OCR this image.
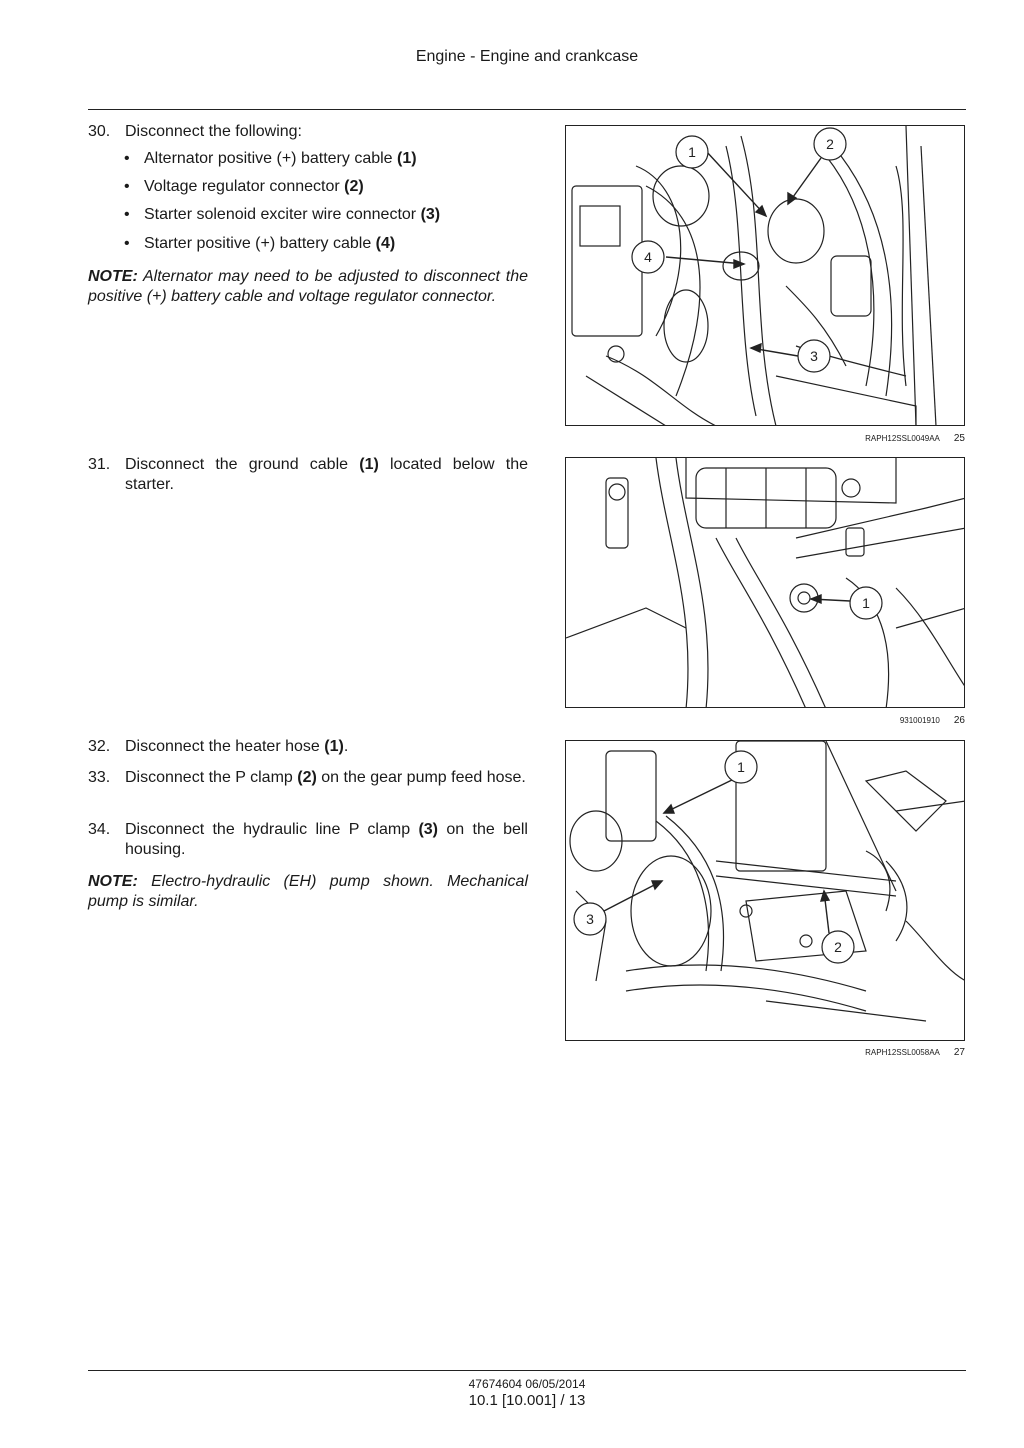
Engine - Engine and crankcase
30. Disconnect the following:
• Alternator positive (+) battery cable (1)
• Voltage regulator connector (2)
• Starter solenoid exciter wire connector (3)
• Starter positive (+) battery cable (4)
NOTE: Alternator may need to be adjusted to disconnect the positive (+) battery cable and voltage regulator connector.
1	2
3
4
RAPH12SSL0049AA 25
31. Disconnect the ground cable (1) located below the starter.
1
931001910 26
32. Disconnect the heater hose (1).
33. Disconnect the P clamp (2) on the gear pump feed hose.
34. Disconnect the hydraulic line P clamp (3) on the bell housing.
NOTE: Electro-hydraulic (EH) pump shown. Mechanical pump is similar.
1
2
3
RAPH12SSL0058AA 27
47674604 06/05/2014
10.1 [10.001] / 13
